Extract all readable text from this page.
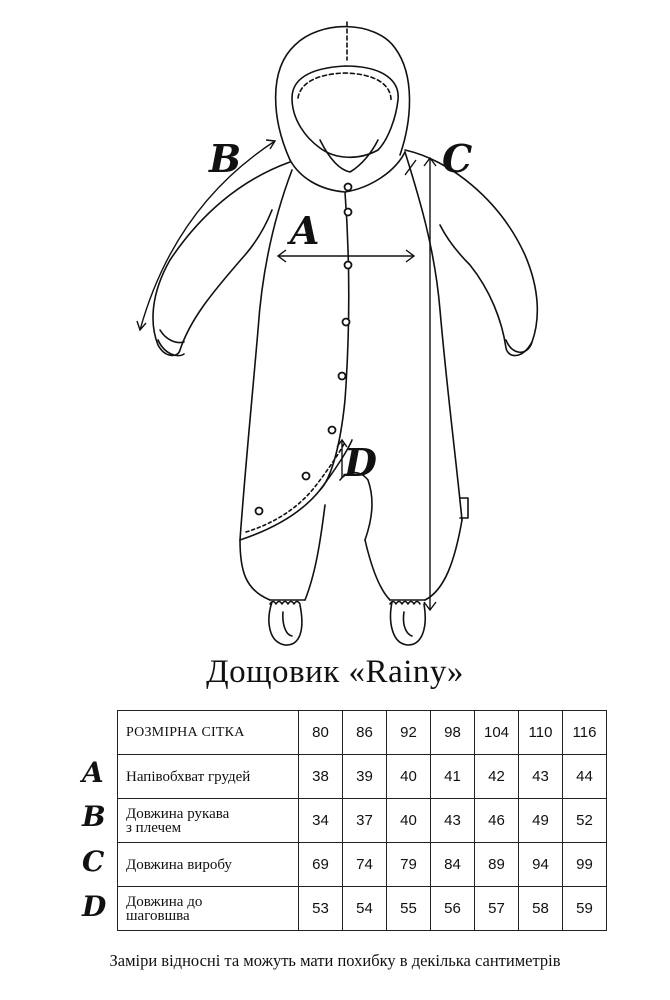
B
A
C
D
Дощовик «Rainy»
A
B
C
D
РОЗМІРНА СІТКА	80	86	92	98	104	110	116
Напівобхват грудей	38	39	40	41	42	43	44
Довжина рукава
з плечем	34	37	40	43	46	49	52
Довжина виробу	69	74	79	84	89	94	99
Довжина до
шаговшва	53	54	55	56	57	58	59
Заміри відносні та можуть мати похибку в декілька сантиметрів
